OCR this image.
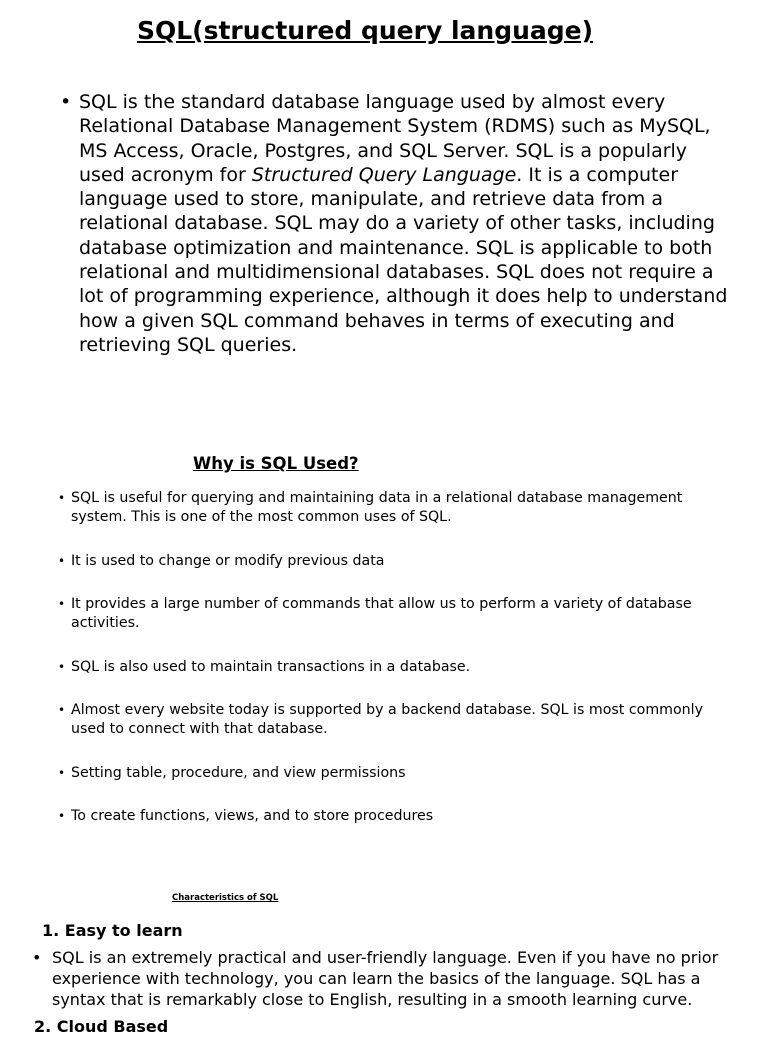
SQL(structured query language)
• SQL is the standard database language used by almost every Relational Database Management System (RDMS) such as MySQL, MS Access, Oracle, Postgres, and SQL Server. SQL is a popularly used acronym for Structured Query Language. It is a computer language used to store, manipulate, and retrieve data from a relational database. SQL may do a variety of other tasks, including database optimization and maintenance. SQL is applicable to both relational and multidimensional databases. SQL does not require a lot of programming experience, although it does help to understand how a given SQL command behaves in terms of executing and retrieving SQL queries.
Why is SQL Used?
• SQL is useful for querying and maintaining data in a relational database management system. This is one of the most common uses of SQL.
• It is used to change or modify previous data
• It provides a large number of commands that allow us to perform a variety of database activities.
• SQL is also used to maintain transactions in a database.
• Almost every website today is supported by a backend database. SQL is most commonly used to connect with that database.
• Setting table, procedure, and view permissions
• To create functions, views, and to store procedures
Characteristics of SQL
1. Easy to learn
• SQL is an extremely practical and user-friendly language. Even if you have no prior experience with technology, you can learn the basics of the language. SQL has a syntax that is remarkably close to English, resulting in a smooth learning curve.
2. Cloud Based
